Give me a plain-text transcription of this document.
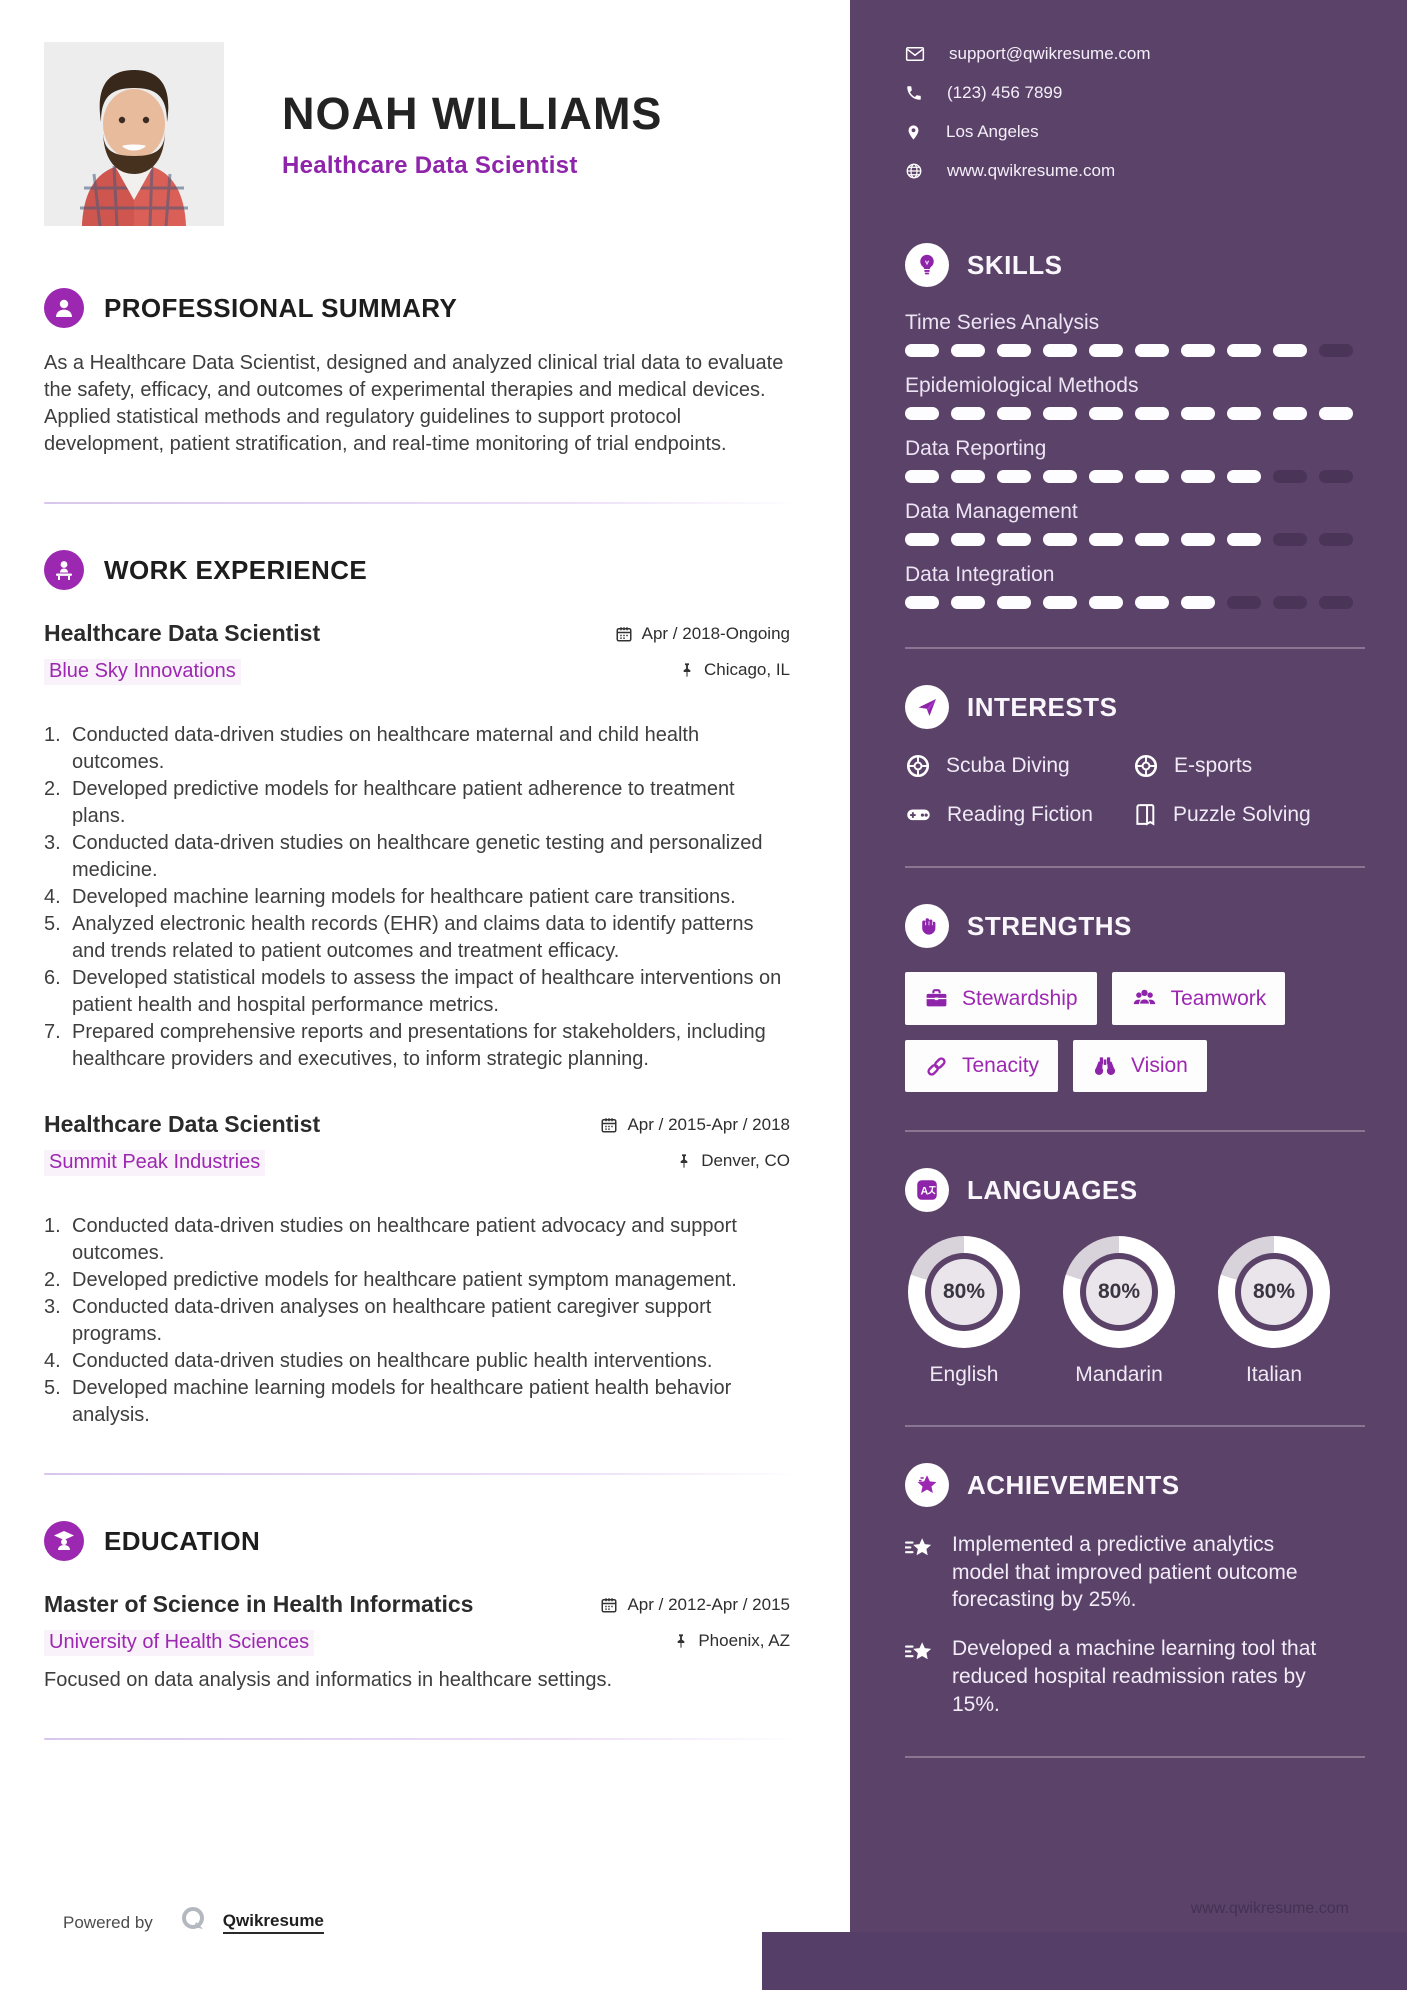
NOAH WILLIAMS
Healthcare Data Scientist
PROFESSIONAL SUMMARY

As a Healthcare Data Scientist, designed and analyzed clinical trial data to evaluate the safety, efficacy, and outcomes of experimental therapies and medical devices. Applied statistical methods and regulatory guidelines to support protocol development, patient stratification, and real-time monitoring of trial endpoints.

WORK EXPERIENCE
Healthcare Data Scientist
Blue Sky Innovations
Apr / 2018-Ongoing
Chicago, IL
Conducted data-driven studies on healthcare maternal and child health outcomes.
Developed predictive models for healthcare patient adherence to treatment plans.
Conducted data-driven studies on healthcare genetic testing and personalized medicine.
Developed machine learning models for healthcare patient care transitions.
Analyzed electronic health records (EHR) and claims data to identify patterns and trends related to patient outcomes and treatment efficacy.
Developed statistical models to assess the impact of healthcare interventions on patient health and hospital performance metrics.
Prepared comprehensive reports and presentations for stakeholders, including healthcare providers and executives, to inform strategic planning.
Healthcare Data Scientist
Summit Peak Industries
Apr / 2015-Apr / 2018
Denver, CO
Conducted data-driven studies on healthcare patient advocacy and support outcomes.
Developed predictive models for healthcare patient symptom management.
Conducted data-driven analyses on healthcare patient caregiver support programs.
Conducted data-driven studies on healthcare public health interventions.
Developed machine learning models for healthcare patient health behavior analysis.
EDUCATION
Master of Science in Health Informatics
University of Health Sciences
Apr / 2012-Apr / 2015
Phoenix, AZ

Focused on data analysis and informatics in healthcare settings.

Powered by	Qwikresume
support@qwikresume.com
(123) 456 7899
Los Angeles
www.qwikresume.com
SKILLS
Time Series Analysis
Epidemiological Methods
Data Reporting
Data Management
Data Integration
INTERESTS
Scuba Diving	E-sports
Reading Fiction	Puzzle Solving
STRENGTHS
Stewardship	Teamwork
Tenacity	Vision
A LANGUAGES
80%
English
80%
Mandarin
80%
Italian
ACHIEVEMENTS
Implemented a predictive analytics model that improved patient outcome forecasting by 25%.
Developed a machine learning tool that reduced hospital readmission rates by 15%.
www.qwikresume.com
